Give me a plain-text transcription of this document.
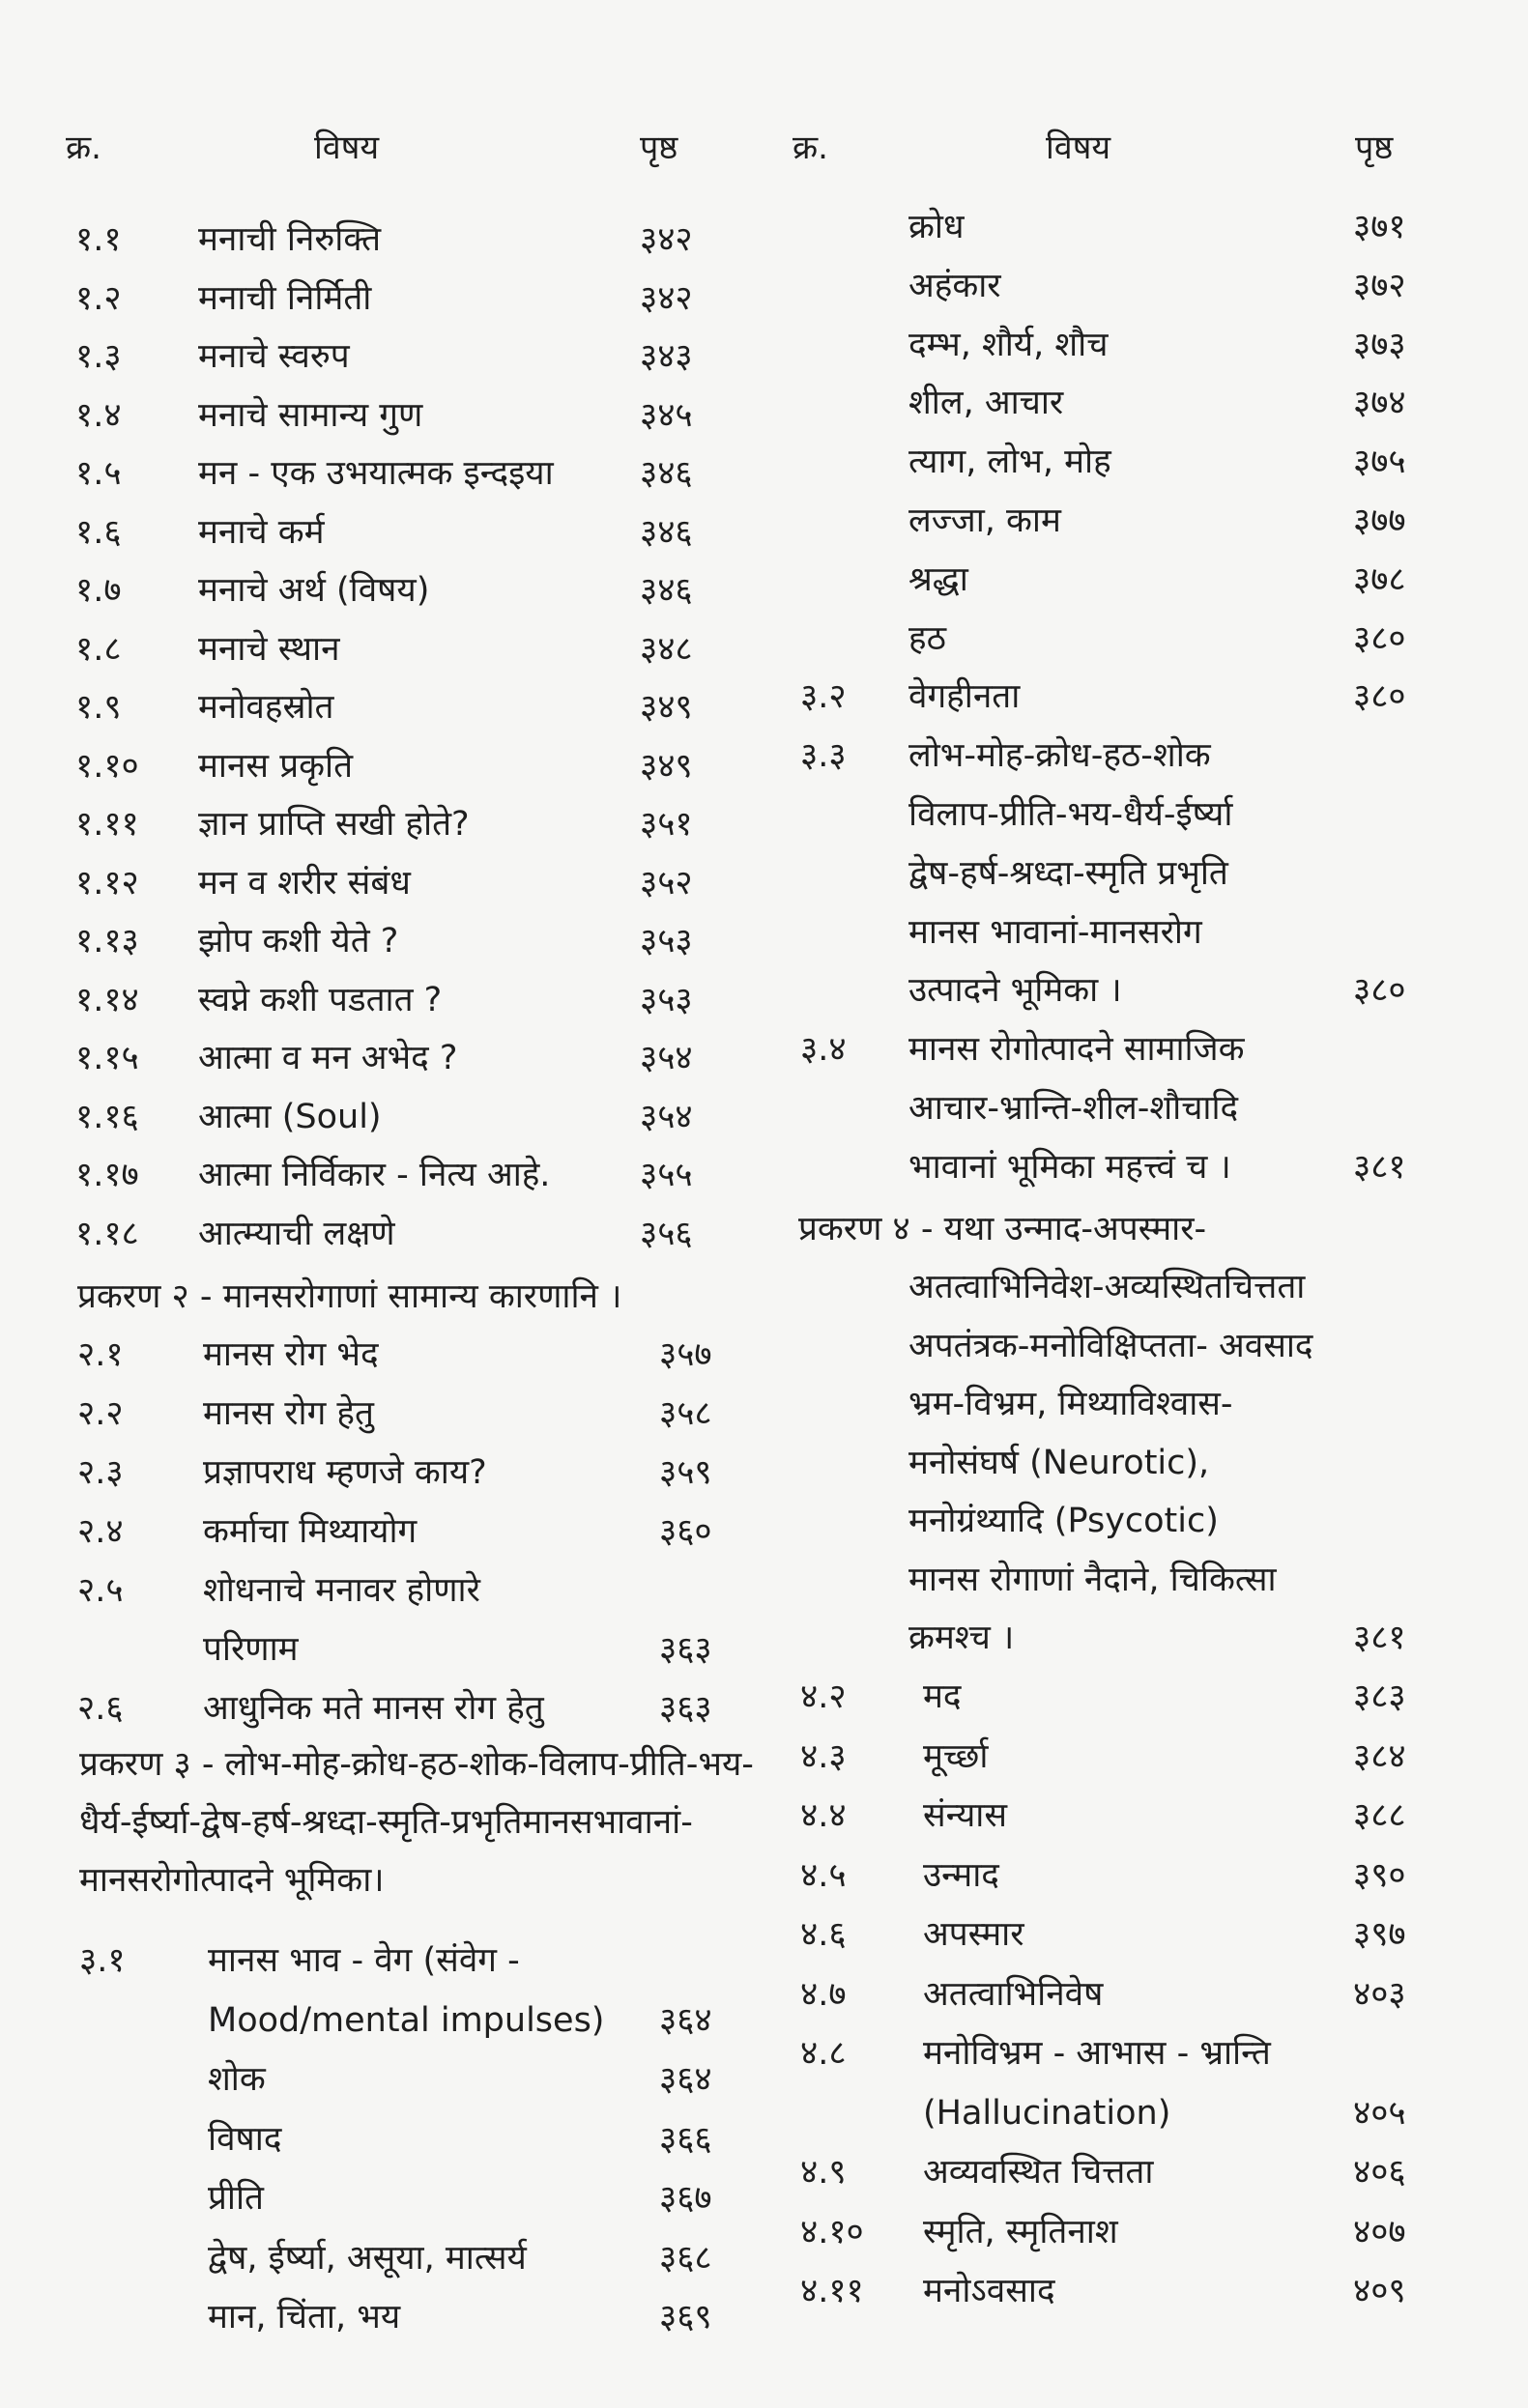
क्र.	विषय	पृष्ठ
१.१ मनाची निरुक्ति	३४२
१.२ मनाची निर्मिती	३४२
१.३ मनाचे स्वरुप	३४३
१.४ मनाचे सामान्य गुण	३४५
१.५ मन - एक उभयात्मक इन्दइया	३४६
१.६ मनाचे कर्म	३४६
१.७ मनाचे अर्थ (विषय)	३४६
१.८ मनाचे स्थान	३४८
१.९ मनोवहस्रोत	३४९
१.१० मानस प्रकृति	३४९
१.११ ज्ञान प्राप्ति सखी होते?	३५१
१.१२ मन व शरीर संबंध	३५२
१.१३ झोप कशी येते ?	३५३
१.१४ स्वप्ने कशी पडतात ?	३५३
१.१५ आत्मा व मन अभेद ?	३५४
१.१६ आत्मा (Soul)	३५४
१.१७ आत्मा निर्विकार - नित्य आहे.	३५५
१.१८ आत्म्याची लक्षणे	३५६
प्रकरण २ - मानसरोगाणां सामान्य कारणानि ।
२.१ मानस रोग भेद	३५७
२.२ मानस रोग हेतु	३५८
२.३ प्रज्ञापराध म्हणजे काय?	३५९
२.४ कर्माचा मिथ्यायोग	३६०
२.५ शोधनाचे मनावर होणारे
परिणाम	३६३
२.६ आधुनिक मते मानस रोग हेतु	३६३
प्रकरण ३ - लोभ-मोह-क्रोध-हठ-शोक-विलाप-प्रीति-भय-धैर्य-ईर्ष्या-द्वेष-हर्ष-श्रध्दा-स्मृति-प्रभृतिमानसभावानां-मानसरोगोत्पादने भूमिका।
३.१ मानस भाव - वेग (संवेग -
Mood/mental impulses) ३६४
शोक	३६४
विषाद	३६६
प्रीति	३६७
द्वेष, ईर्ष्या, असूया, मात्सर्य	३६८
मान, चिंता, भय	३६९
क्र.	विषय	पृष्ठ
क्रोध	३७१
अहंकार	३७२
दम्भ, शौर्य, शौच	३७३
शील, आचार	३७४
त्याग, लोभ, मोह	३७५
लज्जा, काम	३७७
श्रद्धा	३७८
हठ	३८०
३.२ वेगहीनता	३८०
३.३ लोभ-मोह-क्रोध-हठ-शोक
विलाप-प्रीति-भय-धैर्य-ईर्ष्या
द्वेष-हर्ष-श्रध्दा-स्मृति प्रभृति
मानस भावानां-मानसरोग
उत्पादने भूमिका ।	३८०
३.४ मानस रोगोत्पादने सामाजिक
आचार-भ्रान्ति-शील-शौचादि
भावानां भूमिका महत्त्वं च ।	३८१
प्रकरण ४ - यथा उन्माद-अपस्मार-
अतत्वाभिनिवेश-अव्यस्थितचित्तता
अपतंत्रक-मनोविक्षिप्तता- अवसाद
भ्रम-विभ्रम, मिथ्याविश्वास-
मनोसंघर्ष (Neurotic),
मनोग्रंथ्यादि (Psycotic)
मानस रोगाणां नैदाने, चिकित्सा
क्रमश्च ।	३८१
४.२ मद	३८३
४.३ मूर्च्छा	३८४
४.४ संन्यास	३८८
४.५ उन्माद	३९०
४.६ अपस्मार	३९७
४.७ अतत्वाभिनिवेष	४०३
४.८ मनोविभ्रम - आभास - भ्रान्ति
(Hallucination)	४०५
४.९ अव्यवस्थित चित्तता	४०६
४.१० स्मृति, स्मृतिनाश	४०७
४.११ मनोऽवसाद	४०९
